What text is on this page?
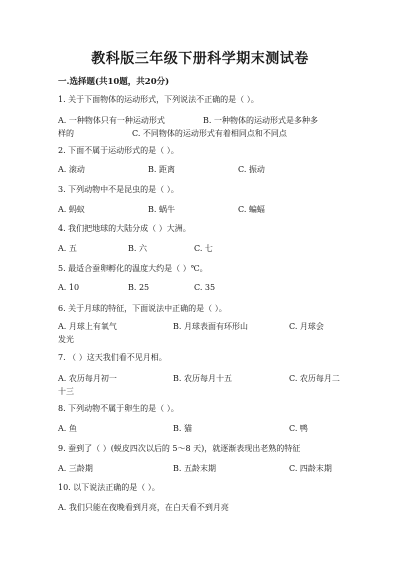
教科版三年级下册科学期末测试卷
一.选择题(共10题，共20分)
1. 关于下面物体的运动形式，下列说法不正确的是（ ）。
A. 一种物体只有一种运动形式	B. 一种物体的运动形式是多种多
样的	C. 不同物体的运动形式有着相同点和不同点
2. 下面不属于运动形式的是（ ）。
A. 滚动	B. 距离	C. 振动
3. 下列动物中不是昆虫的是（ ）。
A. 蚂蚁	B. 蜗牛	C. 蝙蝠
4. 我们把地球的大陆分成（ ）大洲。
A. 五	B. 六	C. 七
5. 最适合蚕卵孵化的温度大约是（ ）℃。
A. 10	B. 25	C. 35
6. 关于月球的特征，下面说法中正确的是（ ）。
A. 月球上有氧气	B. 月球表面有环形山	C. 月球会
发光
7. （ ）这天我们看不见月相。
A. 农历每月初一	B. 农历每月十五	C. 农历每月二
十三
8. 下列动物不属于卵生的是（ ）。
A. 鱼	B. 猫	C. 鸭
9. 蚕到了（ ）(蜕皮四次以后的 5～8 天)，就逐渐表现出老熟的特征
A. 三龄期	B. 五龄末期	C. 四龄末期
10. 以下说法正确的是（ ）。
A. 我们只能在夜晚看到月亮，在白天看不到月亮
